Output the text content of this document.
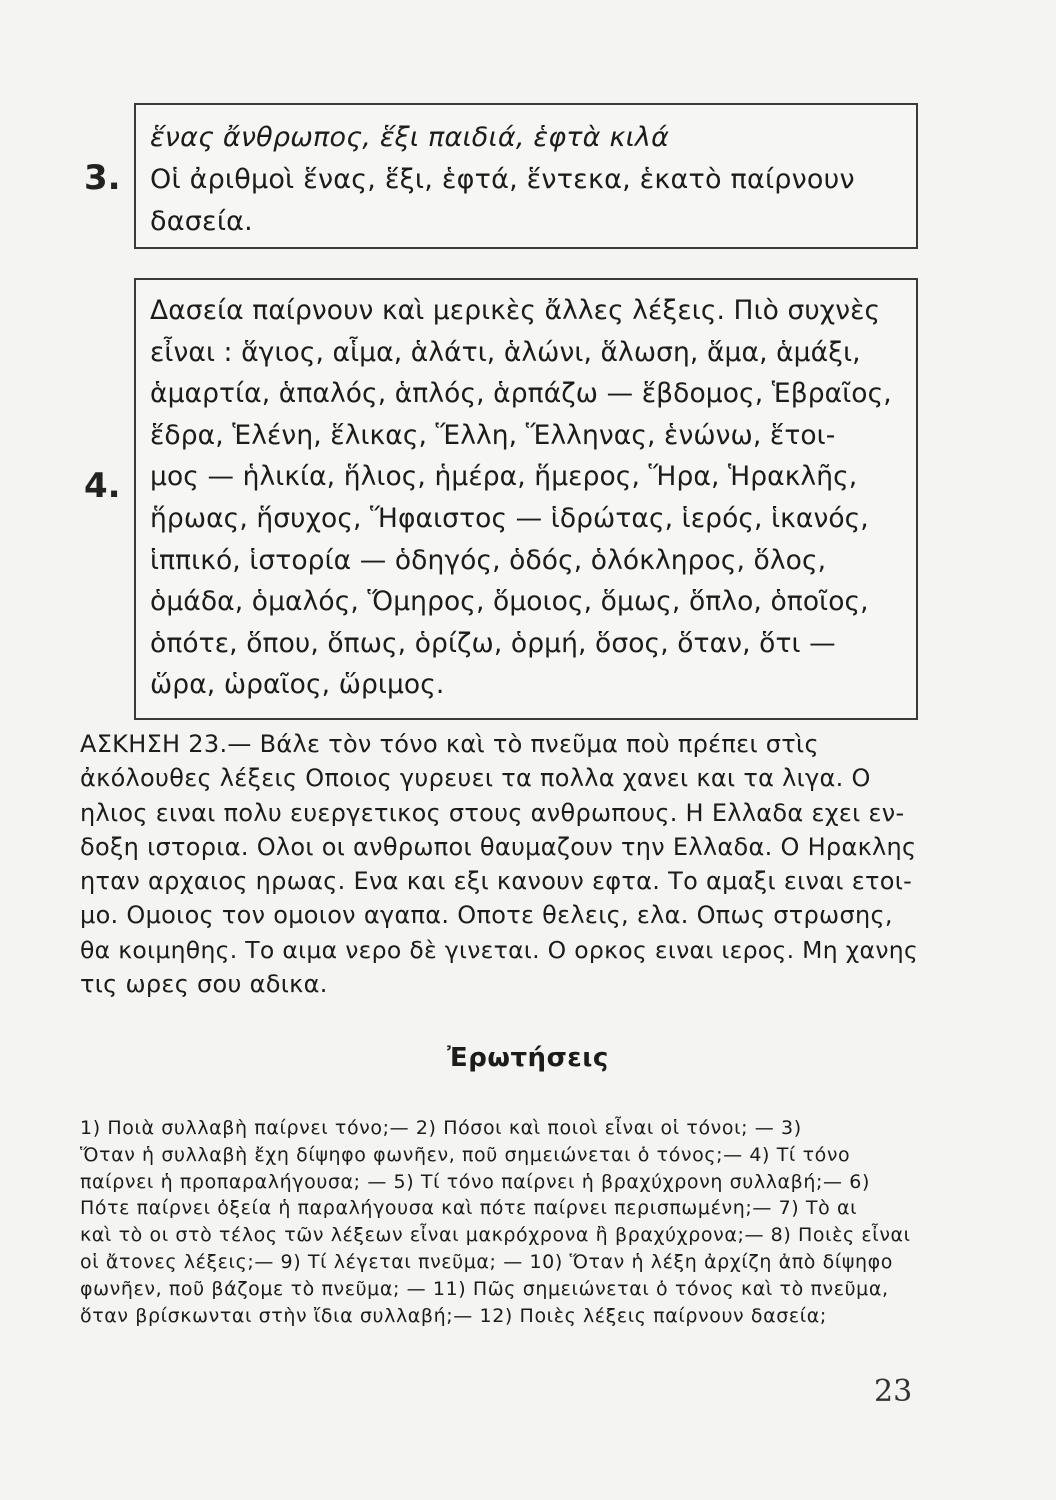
3.
ἕνας ἄνθρωπος, ἕξι παιδιά, ἑφτὰ κιλά
Οἱ ἀριθμοὶ ἕνας, ἕξι, ἑφτά, ἕντεκα, ἑκατὸ παίρνουν
δασεία.
4.
Δασεία παίρνουν καὶ μερικὲς ἄλλες λέξεις. Πιὸ συχνὲς
εἶναι : ἅγιος, αἷμα, ἁλάτι, ἁλώνι, ἅλωση, ἅμα, ἁμάξι,
ἁμαρτία, ἁπαλός, ἁπλός, ἁρπάζω — ἕβδομος, Ἑβραῖος,
ἕδρα, Ἑλένη, ἕλικας, Ἕλλη, Ἕλληνας, ἑνώνω, ἕτοι-
μος — ἡλικία, ἥλιος, ἡμέρα, ἥμερος, Ἥρα, Ἡρακλῆς,
ἥρωας, ἥσυχος, Ἥφαιστος — ἱδρώτας, ἱερός, ἱκανός,
ἱππικό, ἱστορία — ὁδηγός, ὁδός, ὁλόκληρος, ὅλος,
ὁμάδα, ὁμαλός, Ὅμηρος, ὅμοιος, ὅμως, ὅπλο, ὁποῖος,
ὁπότε, ὅπου, ὅπως, ὁρίζω, ὁρμή, ὅσος, ὅταν, ὅτι —
ὥρα, ὡραῖος, ὥριμος.
ΑΣΚΗΣΗ 23.— Βάλε τὸν τόνο καὶ τὸ πνεῦμα ποὺ πρέπει στὶς
ἀκόλουθες λέξεις Οποιος γυρευει τα πολλα χανει και τα λιγα. Ο
ηλιος ειναι πολυ ευεργετικος στους ανθρωπους. Η Ελλαδα εχει εν-
δοξη ιστορια. Ολοι οι ανθρωποι θαυμαζουν την Ελλαδα. Ο Ηρακλης
ηταν αρχαιος ηρωας. Ενα και εξι κανουν εφτα. Το αμαξι ειναι ετοι-
μο. Ομοιος τον ομοιον αγαπα. Οποτε θελεις, ελα. Οπως στρωσης,
θα κοιμηθης. Το αιμα νερο δὲ γινεται. Ο ορκος ειναι ιερος. Μη χανης
τις ωρες σου αδικα.
Ἐρωτήσεις
1) Ποιὰ συλλαβὴ παίρνει τόνο;— 2) Πόσοι καὶ ποιοὶ εἶναι οἱ τόνοι; — 3)
Ὅταν ἡ συλλαβὴ ἔχη δίψηφο φωνῆεν, ποῦ σημειώνεται ὁ τόνος;— 4) Τί τόνο
παίρνει ἡ προπαραλήγουσα; — 5) Τί τόνο παίρνει ἡ βραχύχρονη συλλαβή;— 6)
Πότε παίρνει ὀξεία ἡ παραλήγουσα καὶ πότε παίρνει περισπωμένη;— 7) Τὸ αι
καὶ τὸ οι στὸ τέλος τῶν λέξεων εἶναι μακρόχρονα ἢ βραχύχρονα;— 8) Ποιὲς εἶναι
οἱ ἄτονες λέξεις;— 9) Τί λέγεται πνεῦμα; — 10) Ὅταν ἡ λέξη ἀρχίζη ἀπὸ δίψηφο
φωνῆεν, ποῦ βάζομε τὸ πνεῦμα; — 11) Πῶς σημειώνεται ὁ τόνος καὶ τὸ πνεῦμα,
ὅταν βρίσκωνται στὴν ἴδια συλλαβή;— 12) Ποιὲς λέξεις παίρνουν δασεία;
23
